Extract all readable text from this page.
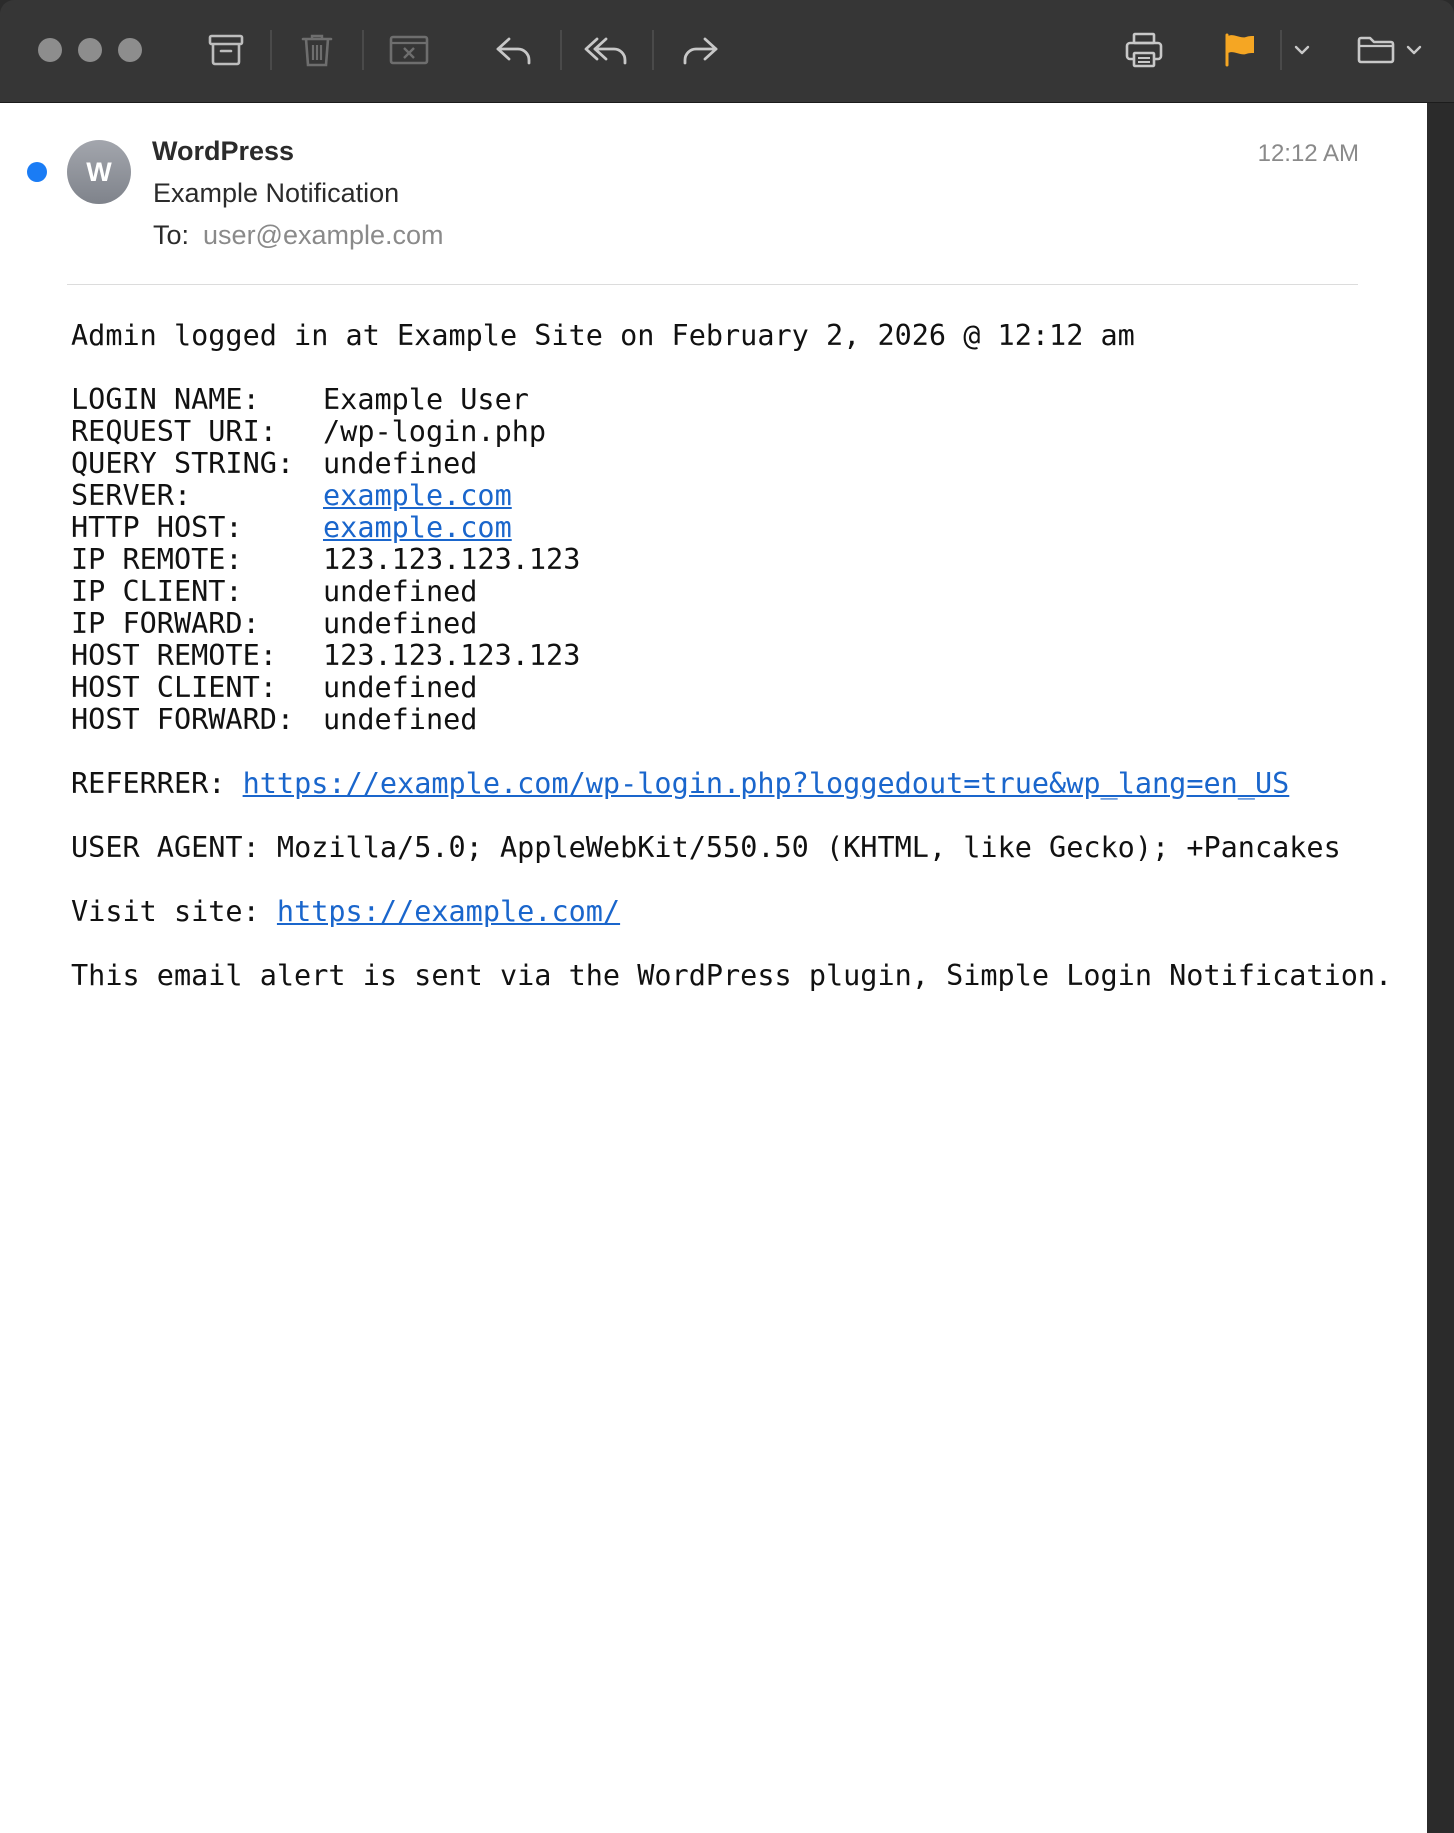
W
WordPress
Example Notification
To: user@example.com
12:12 AM
Admin logged in at Example Site on February 2, 2026 @ 12:12 am
LOGIN NAME:	Example User
REQUEST URI:	/wp-login.php
QUERY STRING:	undefined
SERVER:	example.com
HTTP HOST:	example.com
IP REMOTE:	123.123.123.123
IP CLIENT:	undefined
IP FORWARD:	undefined
HOST REMOTE:	123.123.123.123
HOST CLIENT:	undefined
HOST FORWARD:	undefined
REFERRER: https://example.com/wp-login.php?loggedout=true&wp_lang=en_US
USER AGENT: Mozilla/5.0; AppleWebKit/550.50 (KHTML, like Gecko); +Pancakes
Visit site: https://example.com/
This email alert is sent via the WordPress plugin, Simple Login Notification.
